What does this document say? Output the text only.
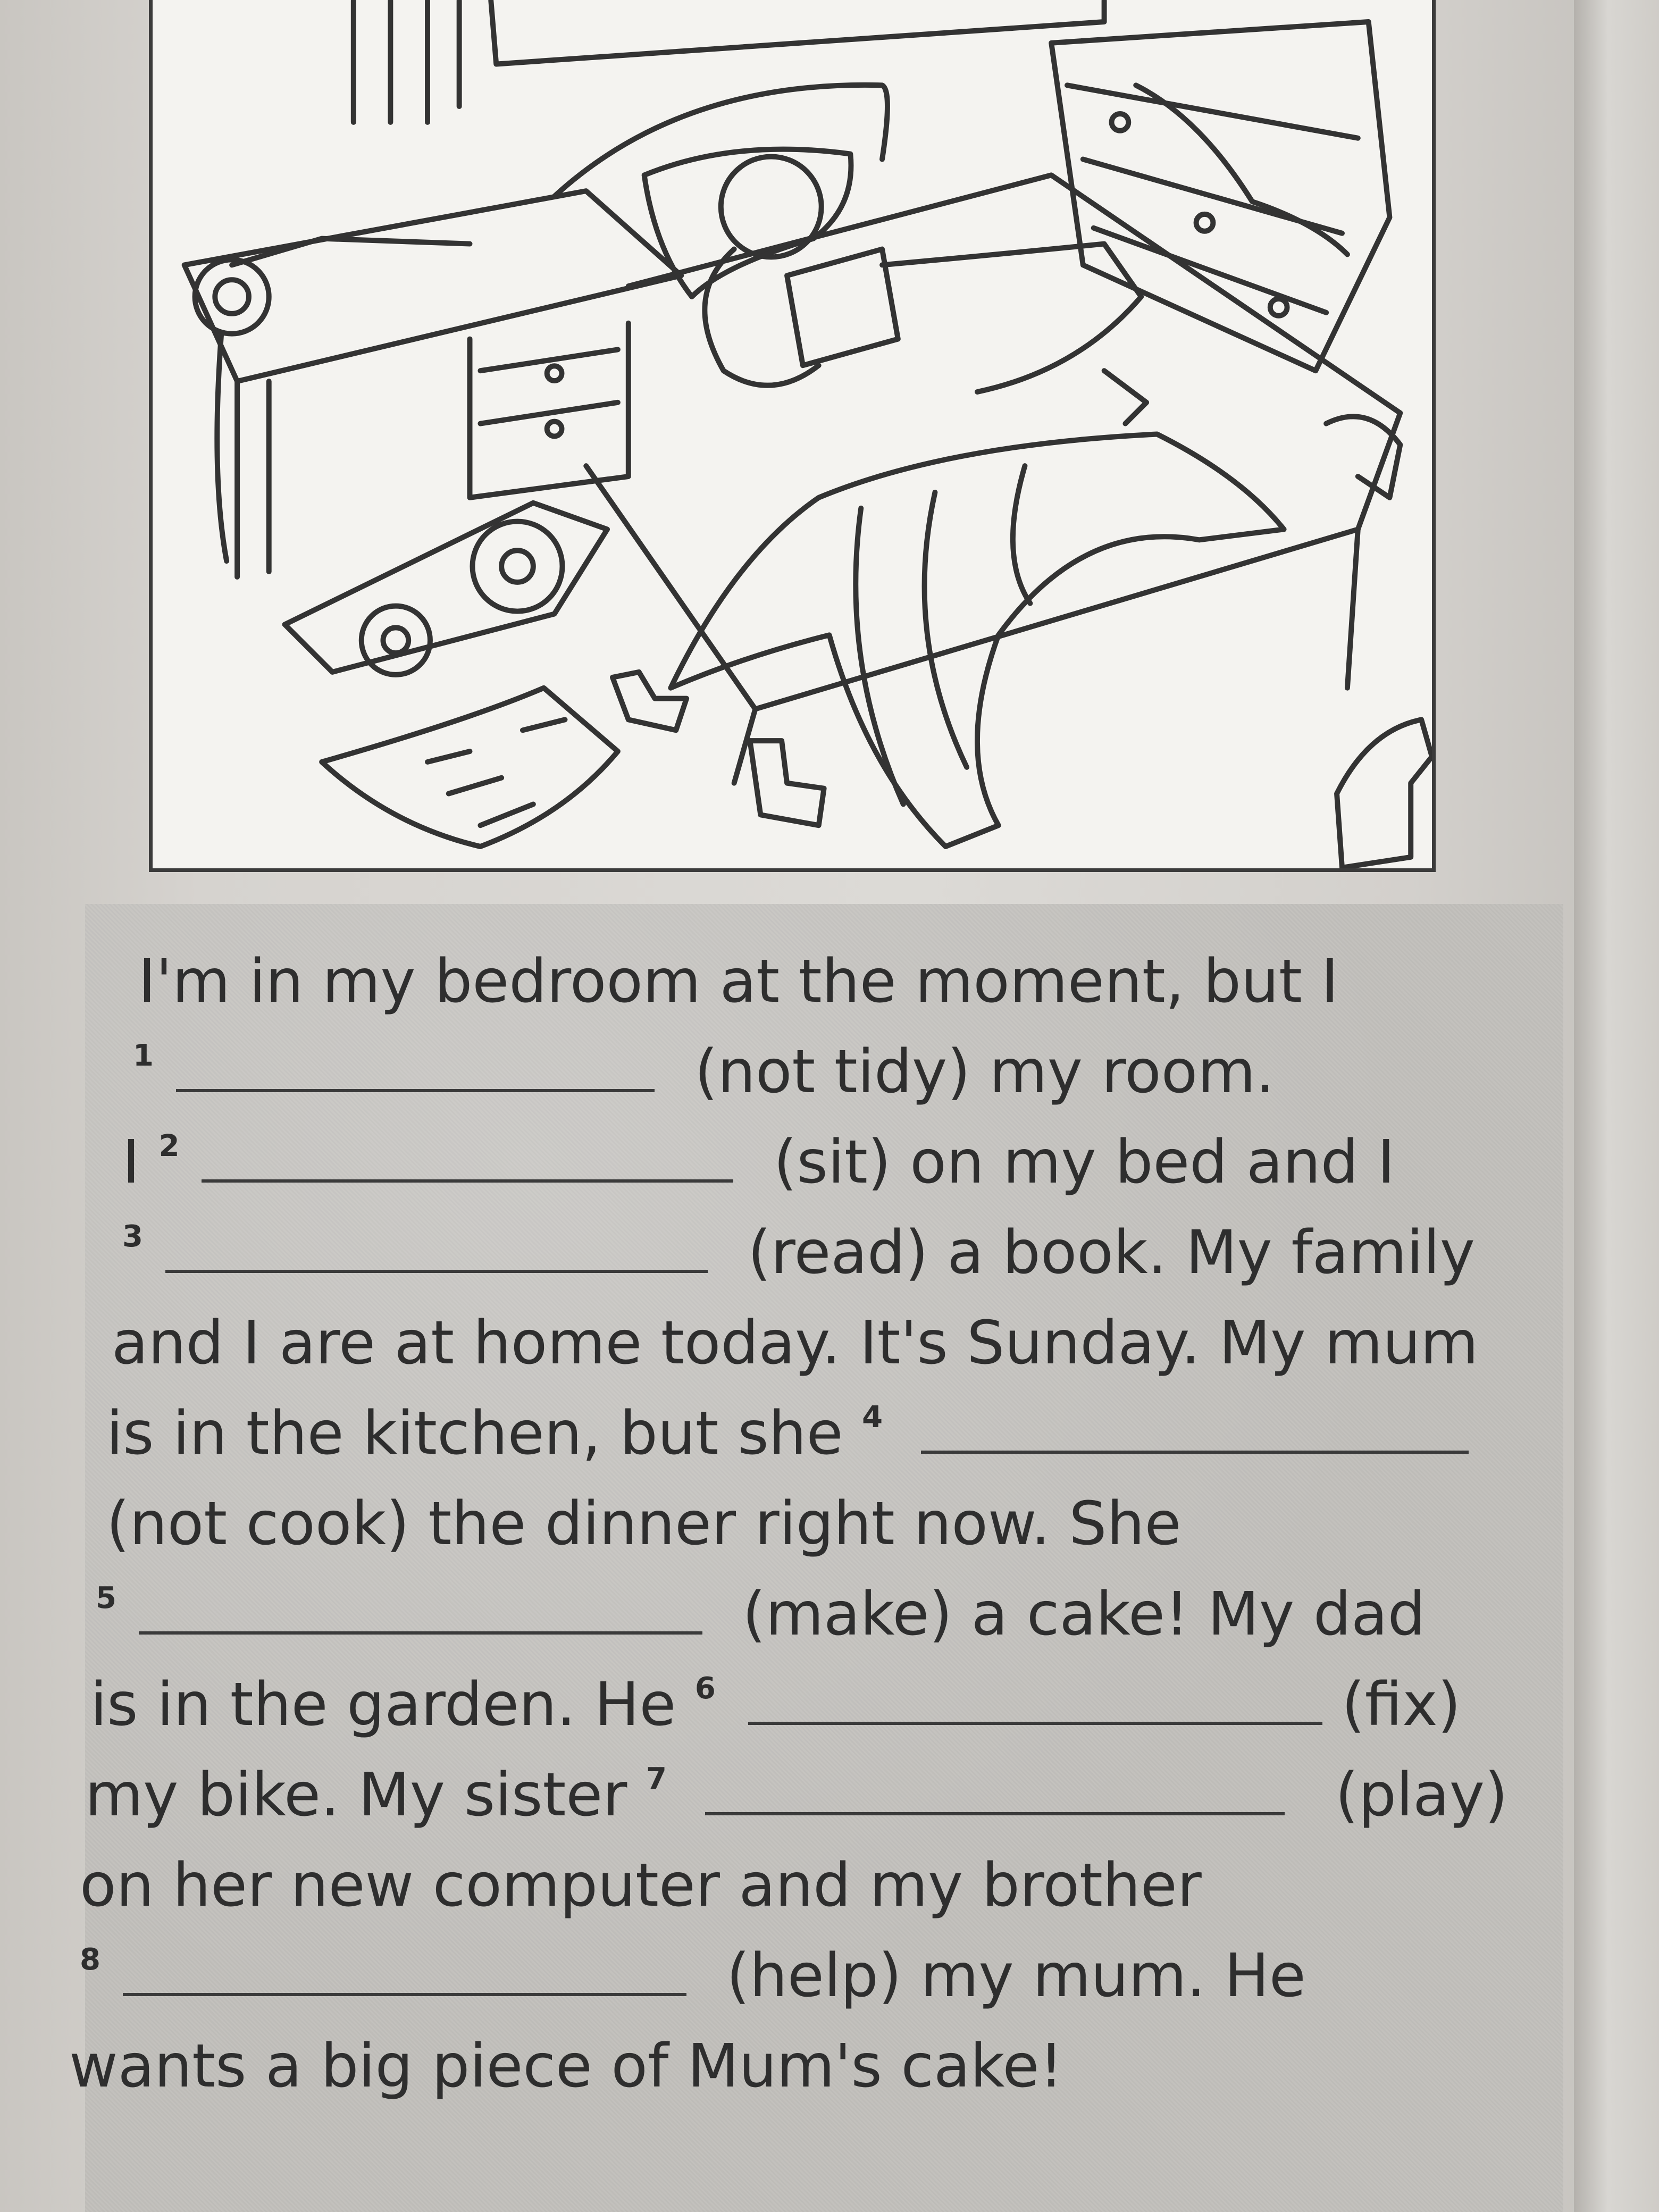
I'm in my bedroom at the moment, but I
$^1$	(not tidy) my room.
I $^2$	(sit) on my bed and I
$^3$	(read) a book. My family
and I are at home today. It's Sunday. My mum
is in the kitchen, but she $^4$
(not cook) the dinner right now. She
$^5$	(make) a cake! My dad
is in the garden. He $^6$	(fix)
my bike. My sister $^7$	(play)
on her new computer and my brother
$^8$	(help) my mum. He
wants a big piece of Mum's cake!
